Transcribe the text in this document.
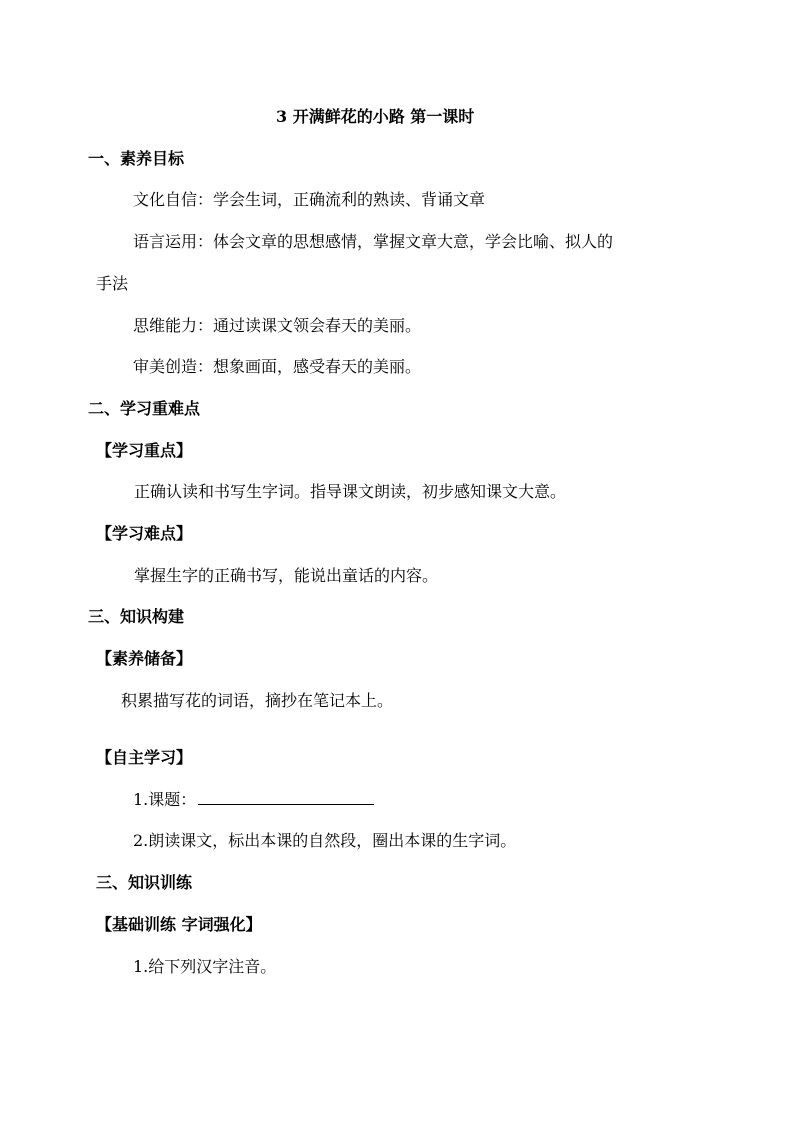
3 开满鲜花的小路 第一课时
一、素养目标
文化自信：学会生词，正确流利的熟读、背诵文章
语言运用：体会文章的思想感情，掌握文章大意，学会比喻、拟人的
手法
思维能力：通过读课文领会春天的美丽。
审美创造：想象画面，感受春天的美丽。
二、学习重难点
【学习重点】
正确认读和书写生字词。指导课文朗读，初步感知课文大意。
【学习难点】
掌握生字的正确书写，能说出童话的内容。
三、知识构建
【素养储备】
积累描写花的词语，摘抄在笔记本上。
【自主学习】
1.课题：
2.朗读课文，标出本课的自然段，圈出本课的生字词。
三、知识训练
【基础训练 字词强化】
1.给下列汉字注音。
